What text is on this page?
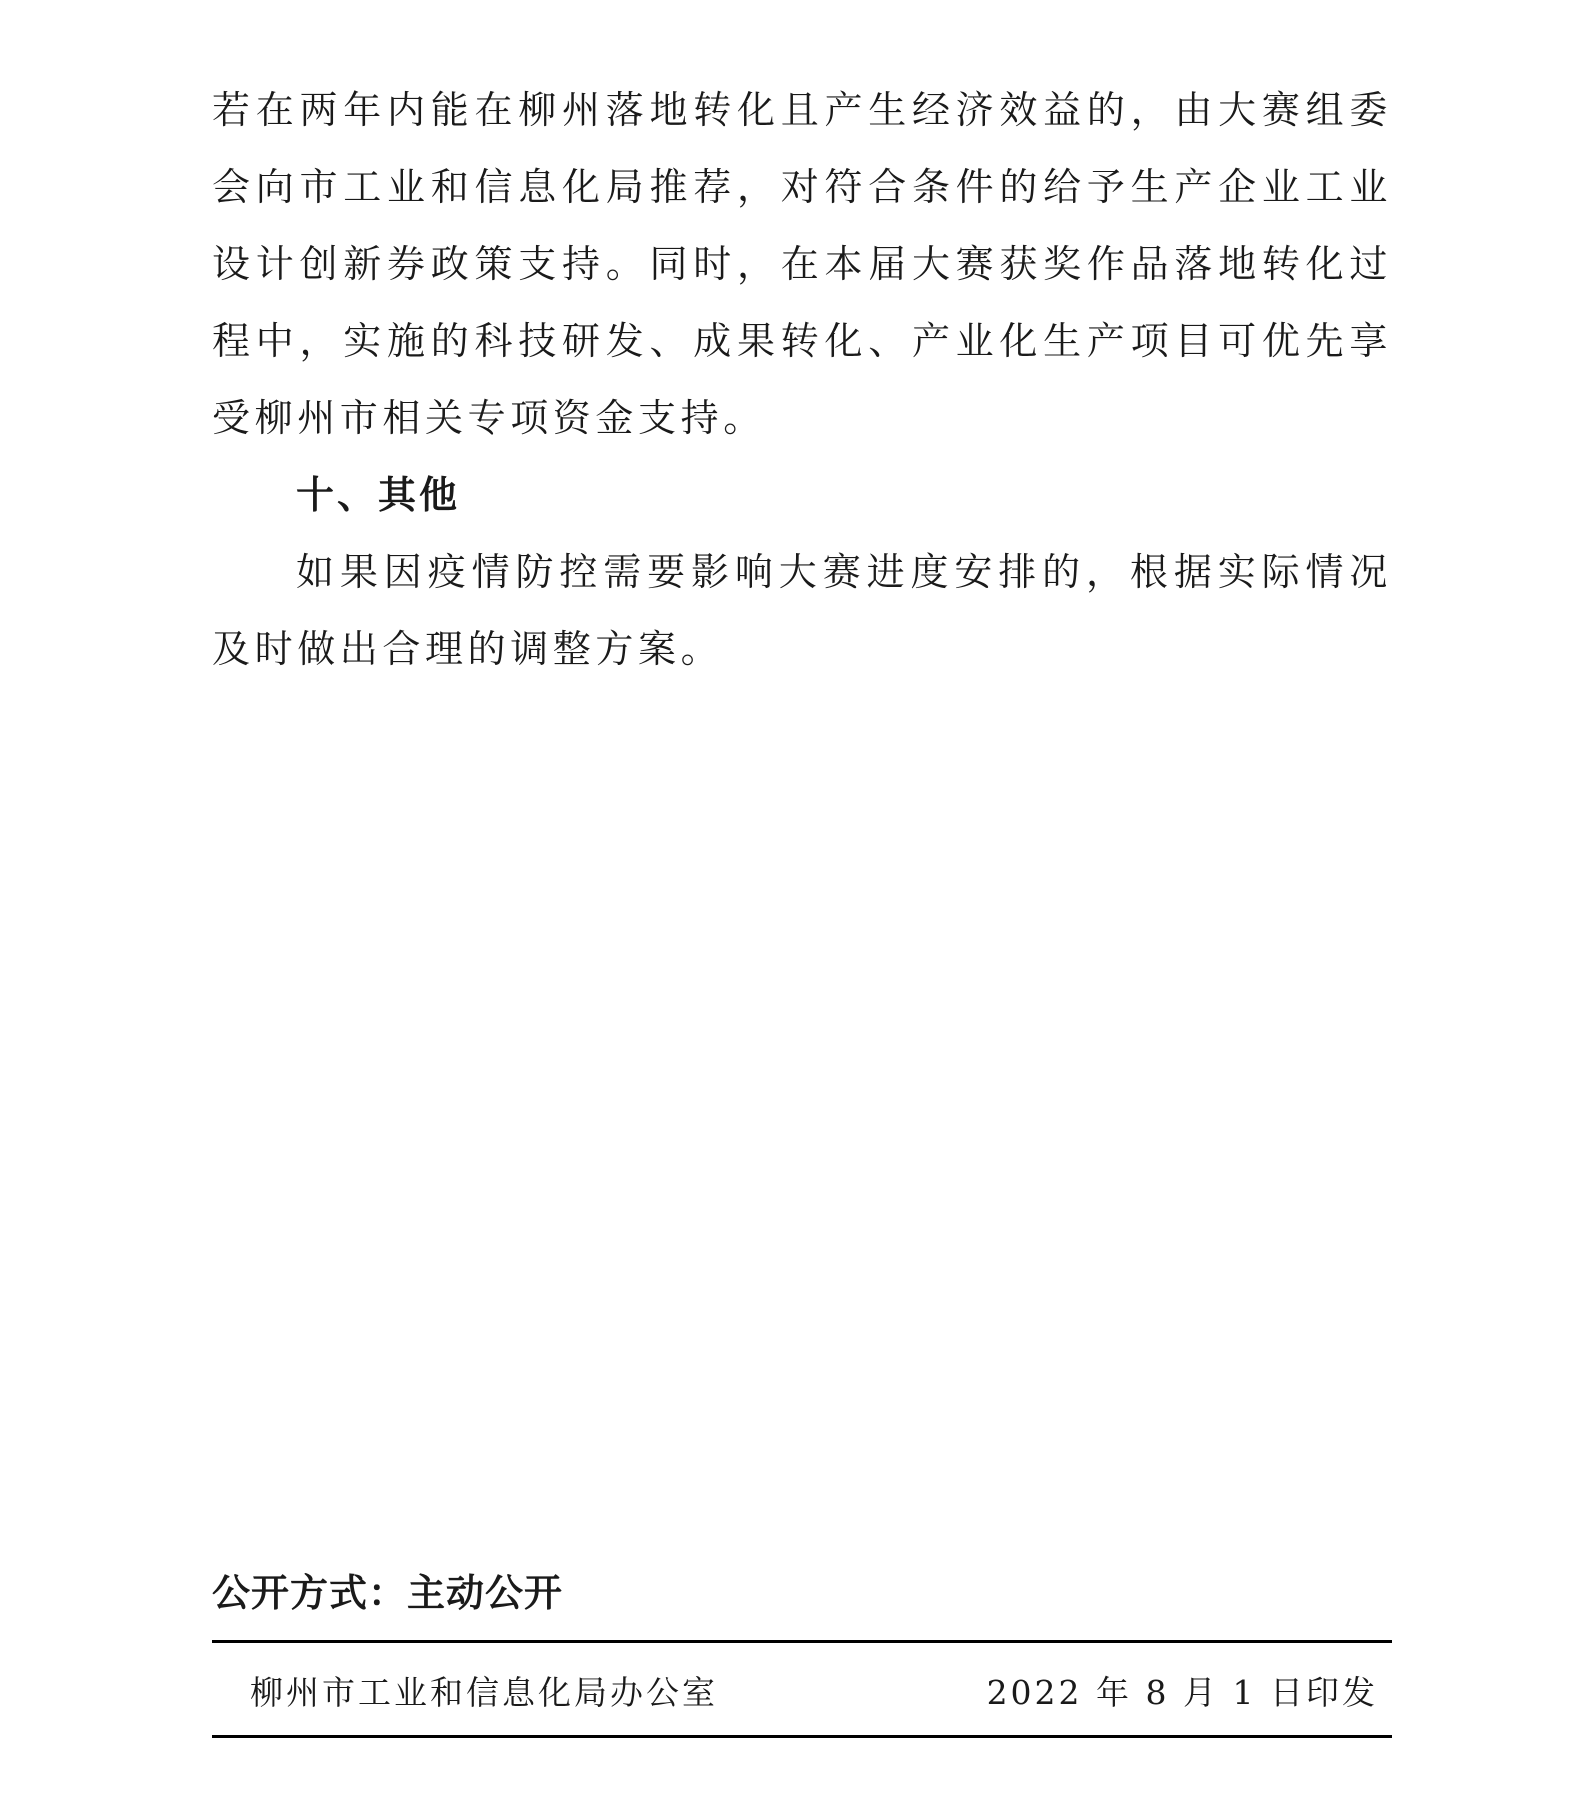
若在两年内能在柳州落地转化且产生经济效益的，由大赛组委会向市工业和信息化局推荐，对符合条件的给予生产企业工业设计创新券政策支持。同时，在本届大赛获奖作品落地转化过程中，实施的科技研发、成果转化、产业化生产项目可优先享受柳州市相关专项资金支持。

十、其他

如果因疫情防控需要影响大赛进度安排的，根据实际情况及时做出合理的调整方案。

公开方式：主动公开

柳州市工业和信息化局办公室	2022 年 8 月 1 日印发
